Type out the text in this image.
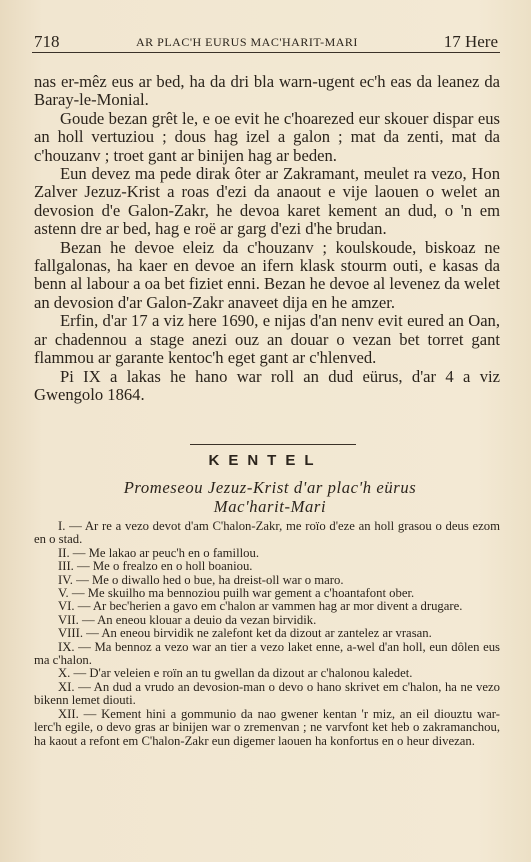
718	AR PLAC'H EURUS MAC'HARIT-MARI	17 Here

nas er-mêz eus ar bed, ha da dri bla warn-ugent ec'h eas da leanez da Baray-le-Monial.

Goude bezan grêt le, e oe evit he c'hoarezed eur skouer dispar eus an holl vertuziou ; dous hag izel a galon ; mat da zenti, mat da c'houzanv ; troet gant ar binijen hag ar beden.

Eun devez ma pede dirak ôter ar Zakramant, meulet ra vezo, Hon Zalver Jezuz-Krist a roas d'ezi da anaout e vije laouen o welet an devosion d'e Galon-Zakr, he devoa karet kement an dud, o 'n em astenn dre ar bed, hag e roë ar garg d'ezi d'he brudan.

Bezan he devoe eleiz da c'houzanv ; koulskoude, biskoaz ne fallgalonas, ha kaer en devoe an ifern klask stourm outi, e kasas da benn al labour a oa bet fiziet enni. Bezan he devoe al levenez da welet an devosion d'ar Galon-Zakr anaveet dija en he amzer.

Erfin, d'ar 17 a viz here 1690, e nijas d'an nenv evit eured an Oan, ar chadennou a stage anezi ouz an douar o vezan bet torret gant flammou ar garante kentoc'h eget gant ar c'hlenved.

Pi IX a lakas he hano war roll an dud eürus, d'ar 4 a viz Gwengolo 1864.

KENTEL
Promeseou Jezuz-Krist d'ar plac'h eürus
Mac'harit-Mari

I. — Ar re a vezo devot d'am C'halon-Zakr, me roïo d'eze an holl grasou o deus ezom en o stad.

II. — Me lakao ar peuc'h en o famillou.

III. — Me o frealzo en o holl boaniou.

IV. — Me o diwallo hed o bue, ha dreist-oll war o maro.

V. — Me skuilho ma bennoziou puilh war gement a c'hoantafont ober.

VI. — Ar bec'herien a gavo em c'halon ar vammen hag ar mor divent a drugare.

VII. — An eneou klouar a deuio da vezan birvidik.

VIII. — An eneou birvidik ne zalefont ket da dizout ar zantelez ar vrasan.

IX. — Ma bennoz a vezo war an tier a vezo laket enne, a-wel d'an holl, eun dôlen eus ma c'halon.

X. — D'ar veleien e roïn an tu gwellan da dizout ar c'halonou kaledet.

XI. — An dud a vrudo an devosion-man o devo o hano skrivet em c'halon, ha ne vezo bikenn lemet diouti.

XII. — Kement hini a gommunio da nao gwener kentan 'r miz, an eil diouztu war-lerc'h egile, o devo gras ar binijen war o zremenvan ; ne varvfont ket heb o zakramanchou, ha kaout a refont em C'halon-Zakr eun digemer laouen ha konfortus en o heur divezan.
